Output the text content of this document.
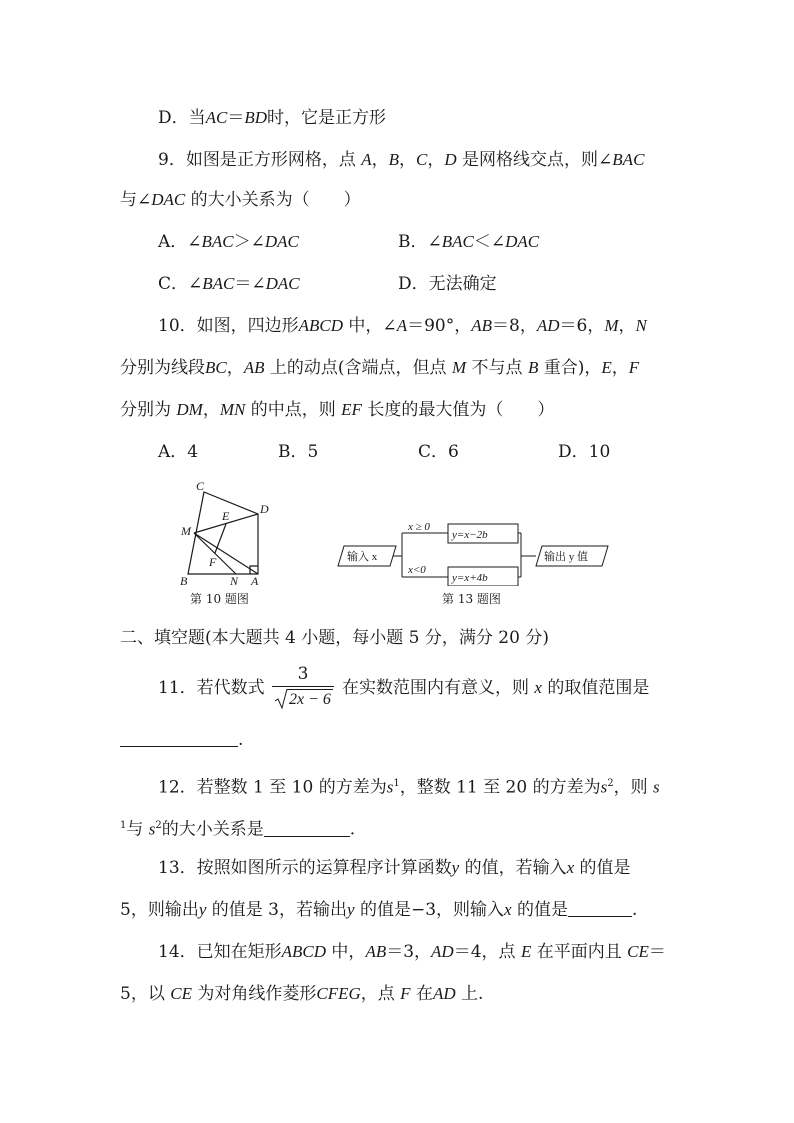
D．当AC＝BD时，它是正方形
9．如图是正方形网格，点 A，B，C，D 是网格线交点，则∠BAC
与∠DAC 的大小关系为（　　）
A．∠BAC＞∠DAC	B．∠BAC＜∠DAC
C．∠BAC＝∠DAC	D．无法确定
10．如图，四边形ABCD 中，∠A＝90°，AB＝8，AD＝6，M，N
分别为线段BC，AB 上的动点(含端点，但点 M 不与点 B 重合)，E，F
分别为 DM，MN 的中点，则 EF 长度的最大值为（　　）
A．4	B．5	C．6	D．10
C
D
M
E
F
B	N A
第 10 题图
输入 x
x ≥ 0
x<0
y=x−2b
y=x+4b
输出 y 值
第 13 题图
二、填空题(本大题共 4 小题，每小题 5 分，满分 20 分)
11．若代数式
3
2x − 6
在实数范围内有意义，则 x 的取值范围是
.
12．若整数 1 至 10 的方差为$s^1$，整数 11 至 20 的方差为$s^2$，则 s
$^1$与 $s^2$的大小关系是	.
13．按照如图所示的运算程序计算函数y 的值，若输入x 的值是
5，则输出y 的值是 3，若输出y 的值是−3，则输入x 的值是	.
14．已知在矩形ABCD 中，AB＝3，AD＝4，点 E 在平面内且 CE＝
5，以 CE 为对角线作菱形CFEG，点 F 在AD 上.
